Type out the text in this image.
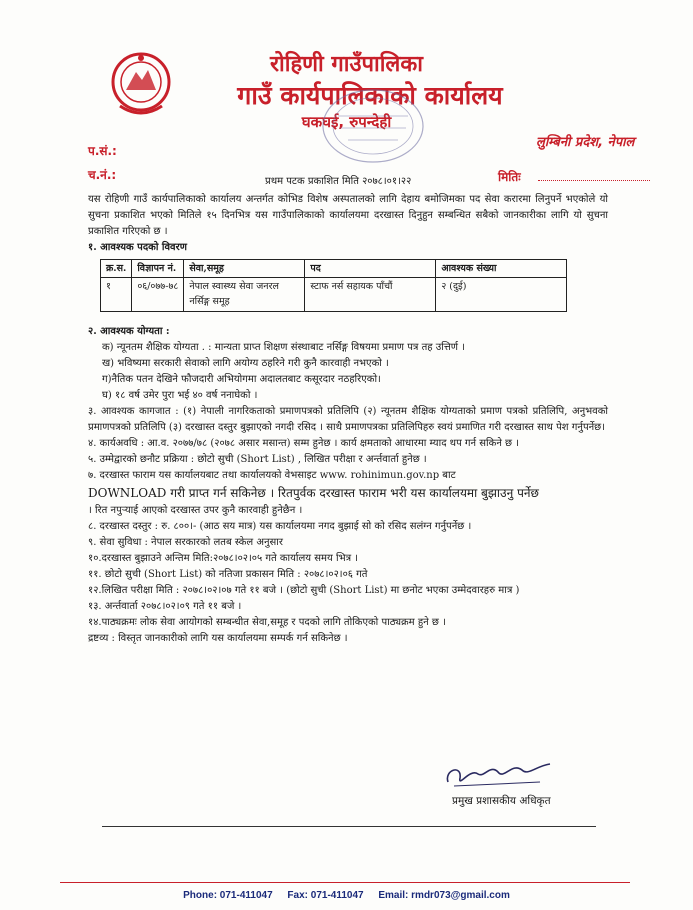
रोहिणी गाउँपालिका
गाउँ कार्यपालिकाको कार्यालय
घकघई, रुपन्देही
लुम्बिनी प्रदेश, नेपाल
प.सं.:
च.नं.:	प्रथम पटक प्रकाशित मिति २०७८।०१।२२	मितिः

यस रोहिणी गाउँ कार्यपालिकाको कार्यालय अन्तर्गत कोभिड विशेष अस्पतालको लागि देहाय बमोजिमका पद सेवा करारमा लिनुपर्ने भएकोले यो सुचना प्रकाशित भएको मितिले १५ दिनभित्र यस गाउँपालिकाको कार्यालयमा दरखास्त दिनुहुन सम्बन्धित सबैको जानकारीका लागि यो सुचना प्रकाशित गरिएको छ ।

१. आवश्यक पदको विवरण

क्र.स.	विज्ञापन नं.	सेवा,समूह	पद	आवश्यक संख्या
१	०६/०७७-७८	नेपाल स्वास्थ्य सेवा जनरल नर्सिङ्ग समूह	स्टाफ नर्स सहायक पाँचौं	२ (दुई)

२. आवश्यक योग्यता :

क) न्यूनतम शैक्षिक योग्यता . : मान्यता प्राप्त शिक्षण संस्थाबाट नर्सिङ्ग विषयमा प्रमाण पत्र तह उत्तिर्ण ।

ख) भविष्यमा सरकारी सेवाको लागि अयोग्य ठहरिने गरी कुनै कारवाही नभएको ।

ग)नैतिक पतन देखिने फौजदारी अभियोगमा अदालतबाट कसूरदार नठहरिएको।

घ) १८ वर्ष उमेर पुरा भई ४० वर्ष ननाघेको ।

३. आवश्यक कागजात : (१) नेपाली नागरिकताको प्रमाणपत्रको प्रतिलिपि (२) न्यूनतम शैक्षिक योग्यताको प्रमाण पत्रको प्रतिलिपि, अनुभवको प्रमाणपत्रको प्रतिलिपि (३) दरखास्त दस्तुर बुझाएको नगदी रसिद । साथै प्रमाणपत्रका प्रतिलिपिहरु स्वयं प्रमाणित गरी दरखास्त साथ पेश गर्नुपर्नेछ।

४. कार्यअवधि : आ.व. २०७७/७८ (२०७८ असार मसान्त) सम्म हुनेछ । कार्य क्षमताको आधारमा म्याद थप गर्न सकिने छ ।

५. उम्मेद्वारको छनौट प्रक्रिया : छोटो सुची (Short List) , लिखित परीक्षा र अर्न्तवार्ता हुनेछ ।

७. दरखास्त फाराम यस कार्यालयबाट तथा कार्यालयको वेभसाइट www. rohinimun.gov.np बाट

DOWNLOAD गरी प्राप्त गर्न सकिनेछ । रितपुर्वक दरखास्त फाराम भरी यस कार्यालयमा बुझाउनु पर्नेछ

। रित नपुऱ्याई आएको दरखास्त उपर कुनै कारवाही हुनेछैन ।

८. दरखास्त दस्तुर : रु. ८००।- (आठ सय मात्र) यस कार्यालयमा नगद बुझाई सो को रसिद सलंग्न गर्नुपर्नेछ ।

९. सेवा सुविधा : नेपाल सरकारको लतब स्केल अनुसार

१०.दरखास्त बुझाउने अन्तिम मिति:२०७८।०२।०५ गते कार्यालय समय भित्र ।

११. छोटो सुची (Short List) को नतिजा प्रकासन मिति : २०७८।०२।०६ गते

१२.लिखित परीक्षा मिति : २०७८।०२।०७ गते ११ बजे । (छोटो सुची (Short List) मा छनोट भएका उम्मेदवारहरु मात्र )

१३. अर्न्तवार्ता २०७८।०२।०९ गते ११ बजे ।

१४.पाठ्यक्रमः लोक सेवा आयोगको सम्बन्धीत सेवा,समूह र पदको लागि तोकिएको पाठ्यक्रम हुने छ ।

द्रष्टव्य : विस्तृत जानकारीको लागि यस कार्यालयमा सम्पर्क गर्न सकिनेछ ।

प्रमुख प्रशासकीय अधिकृत
Phone: 071-411047 Fax: 071-411047 Email: rmdr073@gmail.com
